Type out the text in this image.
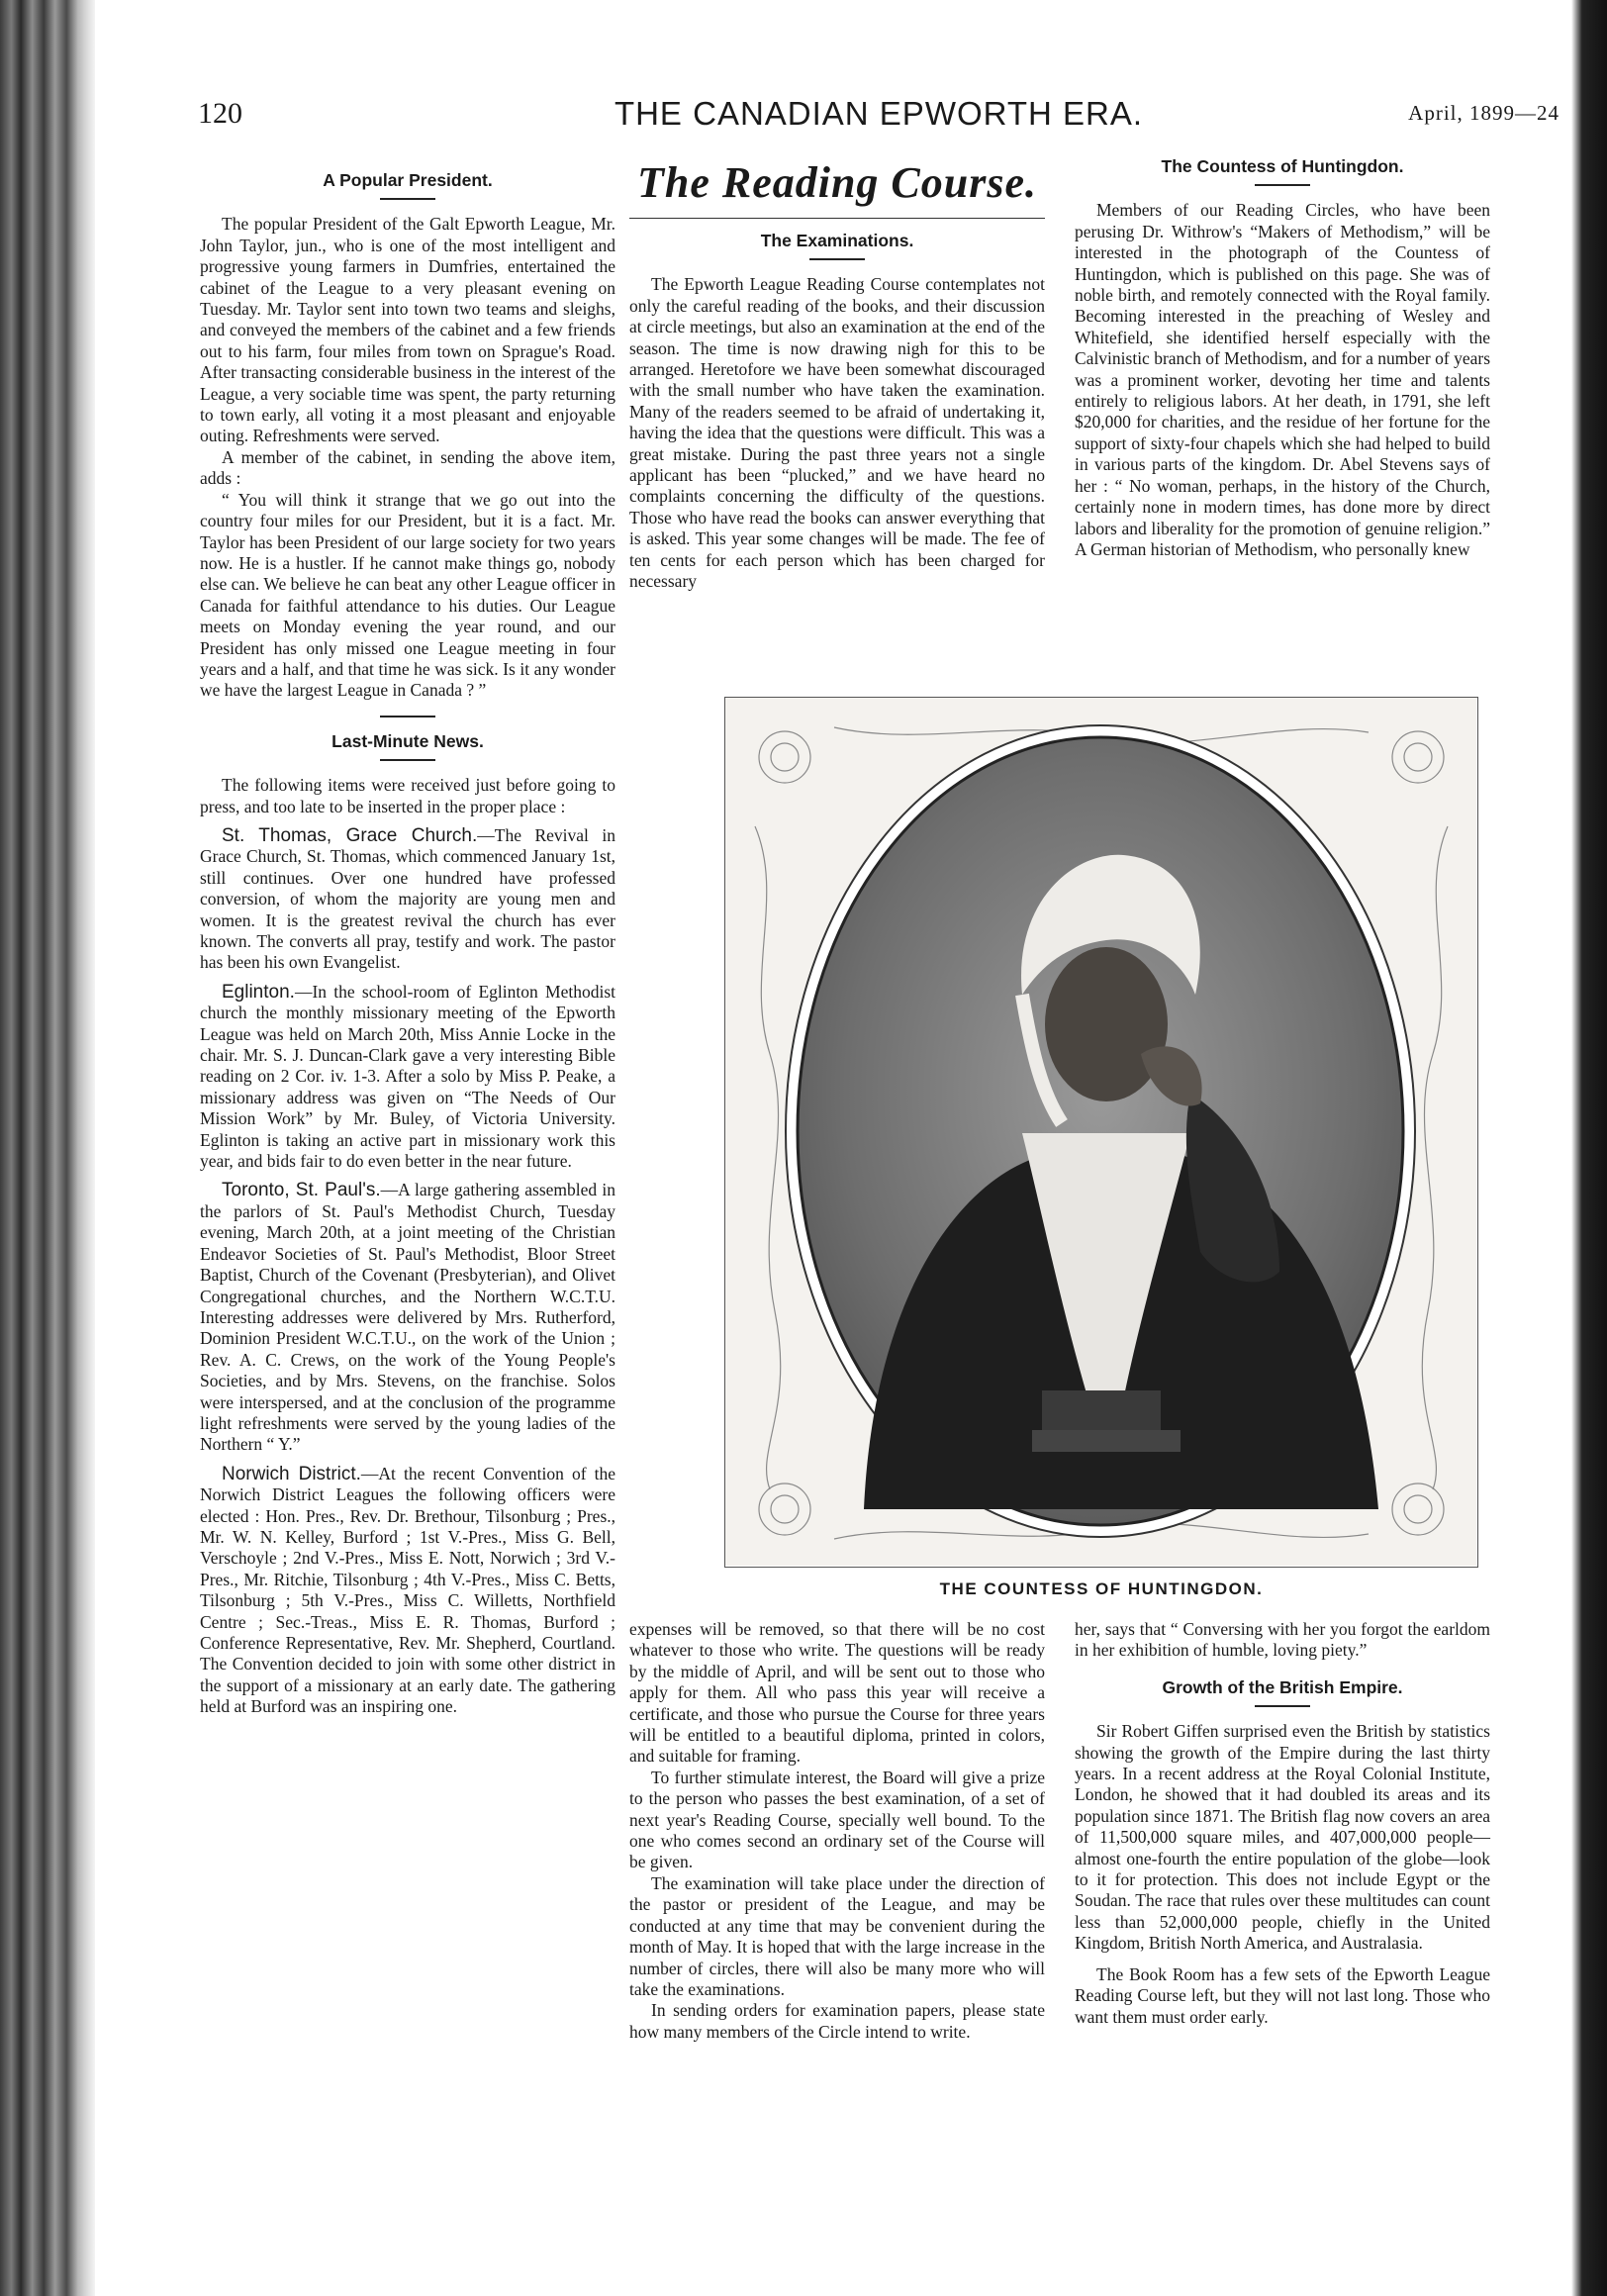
120	THE CANADIAN EPWORTH ERA.	April, 1899—24
A Popular President.

The popular President of the Galt Epworth League, Mr. John Taylor, jun., who is one of the most intelligent and progressive young farmers in Dumfries, entertained the cabinet of the League to a very pleasant evening on Tuesday. Mr. Taylor sent into town two teams and sleighs, and conveyed the members of the cabinet and a few friends out to his farm, four miles from town on Sprague's Road. After transacting considerable business in the interest of the League, a very sociable time was spent, the party returning to town early, all voting it a most pleasant and enjoyable outing. Refreshments were served.

A member of the cabinet, in sending the above item, adds :

“ You will think it strange that we go out into the country four miles for our President, but it is a fact. Mr. Taylor has been President of our large society for two years now. He is a hustler. If he cannot make things go, nobody else can. We believe he can beat any other League officer in Canada for faithful attendance to his duties. Our League meets on Monday evening the year round, and our President has only missed one League meeting in four years and a half, and that time he was sick. Is it any wonder we have the largest League in Canada ? ”

Last-Minute News.

The following items were received just before going to press, and too late to be inserted in the proper place :

St. Thomas, Grace Church.—The Revival in Grace Church, St. Thomas, which commenced January 1st, still continues. Over one hundred have professed conversion, of whom the majority are young men and women. It is the greatest revival the church has ever known. The converts all pray, testify and work. The pastor has been his own Evangelist.

Eglinton.—In the school-room of Eglinton Methodist church the monthly missionary meeting of the Epworth League was held on March 20th, Miss Annie Locke in the chair. Mr. S. J. Duncan-Clark gave a very interesting Bible reading on 2 Cor. iv. 1-3. After a solo by Miss P. Peake, a missionary address was given on “The Needs of Our Mission Work” by Mr. Buley, of Victoria University. Eglinton is taking an active part in missionary work this year, and bids fair to do even better in the near future.

Toronto, St. Paul's.—A large gathering assembled in the parlors of St. Paul's Methodist Church, Tuesday evening, March 20th, at a joint meeting of the Christian Endeavor Societies of St. Paul's Methodist, Bloor Street Baptist, Church of the Covenant (Presbyterian), and Olivet Congregational churches, and the Northern W.C.T.U. Interesting addresses were delivered by Mrs. Rutherford, Dominion President W.C.T.U., on the work of the Union ; Rev. A. C. Crews, on the work of the Young People's Societies, and by Mrs. Stevens, on the franchise. Solos were interspersed, and at the conclusion of the programme light refreshments were served by the young ladies of the Northern “ Y.”

Norwich District.—At the recent Convention of the Norwich District Leagues the following officers were elected : Hon. Pres., Rev. Dr. Brethour, Tilsonburg ; Pres., Mr. W. N. Kelley, Burford ; 1st V.-Pres., Miss G. Bell, Verschoyle ; 2nd V.-Pres., Miss E. Nott, Norwich ; 3rd V.-Pres., Mr. Ritchie, Tilsonburg ; 4th V.-Pres., Miss C. Betts, Tilsonburg ; 5th V.-Pres., Miss C. Willetts, Northfield Centre ; Sec.-Treas., Miss E. R. Thomas, Burford ; Conference Representative, Rev. Mr. Shepherd, Courtland. The Convention decided to join with some other district in the support of a missionary at an early date. The gathering held at Burford was an inspiring one.

The Reading Course.
The Examinations.

The Epworth League Reading Course contemplates not only the careful reading of the books, and their discussion at circle meetings, but also an examination at the end of the season. The time is now drawing nigh for this to be arranged. Heretofore we have been somewhat discouraged with the small number who have taken the examination. Many of the readers seemed to be afraid of undertaking it, having the idea that the questions were difficult. This was a great mistake. During the past three years not a single applicant has been “plucked,” and we have heard no complaints concerning the difficulty of the questions. Those who have read the books can answer everything that is asked. This year some changes will be made. The fee of ten cents for each person which has been charged for necessary

The Countess of Huntingdon.

Members of our Reading Circles, who have been perusing Dr. Withrow's “Makers of Methodism,” will be interested in the photograph of the Countess of Huntingdon, which is published on this page. She was of noble birth, and remotely connected with the Royal family. Becoming interested in the preaching of Wesley and Whitefield, she identified herself especially with the Calvinistic branch of Methodism, and for a number of years was a prominent worker, devoting her time and talents entirely to religious labors. At her death, in 1791, she left $20,000 for charities, and the residue of her fortune for the support of sixty-four chapels which she had helped to build in various parts of the kingdom. Dr. Abel Stevens says of her : “ No woman, perhaps, in the history of the Church, certainly none in modern times, has done more by direct labors and liberality for the promotion of genuine religion.” A German historian of Methodism, who personally knew

THE COUNTESS OF HUNTINGDON.

expenses will be removed, so that there will be no cost whatever to those who write. The questions will be ready by the middle of April, and will be sent out to those who apply for them. All who pass this year will receive a certificate, and those who pursue the Course for three years will be entitled to a beautiful diploma, printed in colors, and suitable for framing.

To further stimulate interest, the Board will give a prize to the person who passes the best examination, of a set of next year's Reading Course, specially well bound. To the one who comes second an ordinary set of the Course will be given.

The examination will take place under the direction of the pastor or president of the League, and may be conducted at any time that may be convenient during the month of May. It is hoped that with the large increase in the number of circles, there will also be many more who will take the examinations.

In sending orders for examination papers, please state how many members of the Circle intend to write.

her, says that “ Conversing with her you forgot the earldom in her exhibition of humble, loving piety.”

Growth of the British Empire.

Sir Robert Giffen surprised even the British by statistics showing the growth of the Empire during the last thirty years. In a recent address at the Royal Colonial Institute, London, he showed that it had doubled its areas and its population since 1871. The British flag now covers an area of 11,500,000 square miles, and 407,000,000 people—almost one-fourth the entire population of the globe—look to it for protection. This does not include Egypt or the Soudan. The race that rules over these multitudes can count less than 52,000,000 people, chiefly in the United Kingdom, British North America, and Australasia.

The Book Room has a few sets of the Epworth League Reading Course left, but they will not last long. Those who want them must order early.
